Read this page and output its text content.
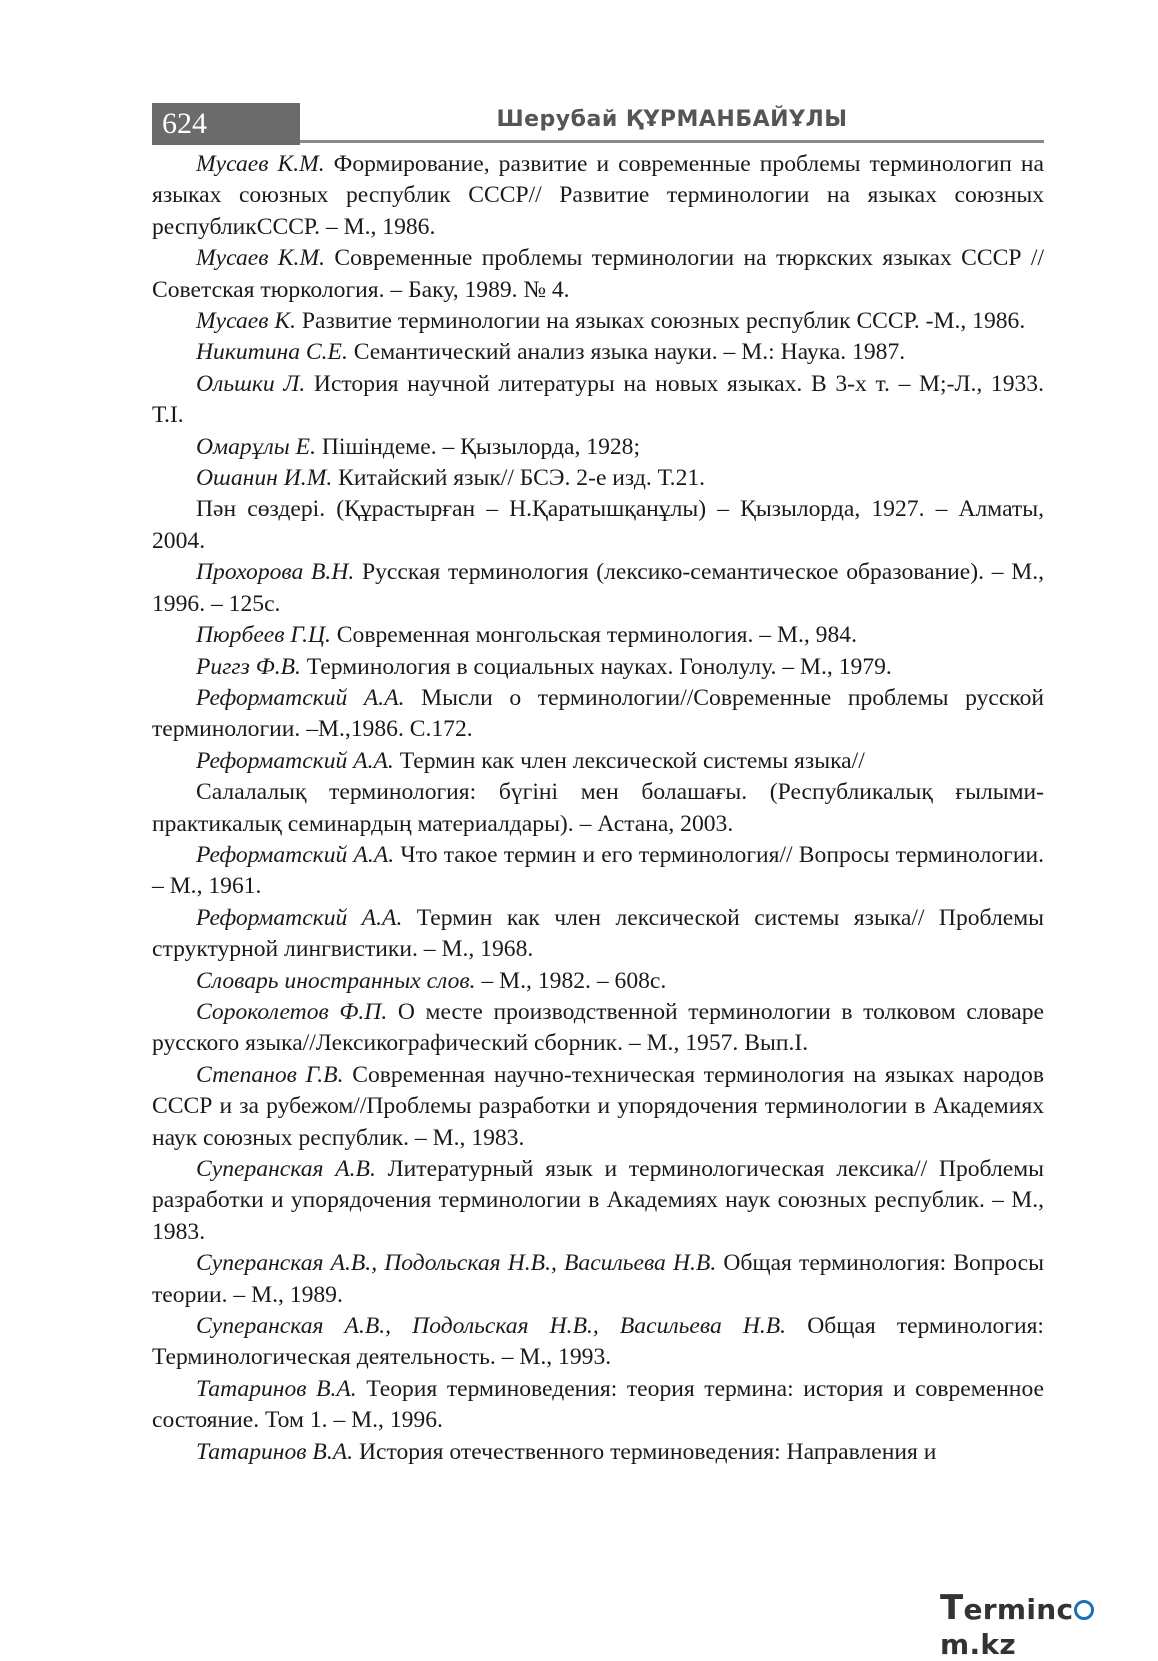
624	Шерубай ҚҰРМАНБАЙҰЛЫ

Мусаев К.М. Формирование, развитие и современные проблемы терминологип на языках союзных республик СССР// Развитие терминологии на языках союзных республикСССР. – М., 1986.

Мусаев К.М. Современные проблемы терминологии на тюркских языках СССР // Советская тюркология. – Баку, 1989. № 4.

Мусаев К. Развитие терминологии на языках союзных республик СССР. -М., 1986.

Никитина С.Е. Семантический анализ языка науки. – М.: Наука. 1987.

Ольшки Л. История научной литературы на новых языках. В 3-х т. – М;-Л., 1933. Т.І.

Омарұлы Е. Пішіндеме. – Қызылорда, 1928;

Ошанин И.М. Китайский язык// БСЭ. 2-е изд. Т.21.

Пән сөздері. (Құрастырған – Н.Қаратышқанұлы) – Қызылорда, 1927. – Алматы, 2004.

Прохорова В.Н. Русская терминология (лексико-семантическое образование). – М., 1996. – 125с.

Пюрбеев Г.Ц. Современная монгольская терминология. – М., 984.

Риггз Ф.В. Терминология в социальных науках. Гонолулу. – М., 1979.

Реформатский А.А. Мысли о терминологии//Современные проблемы русской терминологии. –М.,1986. С.172.

Реформатский А.А. Термин как член лексической системы языка//

Салалалық терминология: бүгіні мен болашағы. (Республикалық ғылыми-практикалық семинардың материалдары). – Астана, 2003.

Реформатский А.А. Что такое термин и его терминология// Вопросы терминологии. – М., 1961.

Реформатский А.А. Термин как член лексической системы языка// Проблемы структурной лингвистики. – М., 1968.

Словарь иностранных слов. – М., 1982. – 608с.

Сороколетов Ф.П. О месте производственной терминологии в толковом словаре русского языка//Лексикографический сборник. – М., 1957. Вып.І.

Степанов Г.В. Современная научно-техническая терминология на языках народов СССР и за рубежом//Проблемы разработки и упорядочения терминологии в Академиях наук союзных республик. – М., 1983.

Суперанская А.В. Литературный язык и терминологическая лексика// Проблемы разработки и упорядочения терминологии в Академиях наук союзных республик. – М., 1983.

Суперанская А.В., Подольская Н.В., Васильева Н.В. Общая терминология: Вопросы теории. – М., 1989.

Суперанская А.В., Подольская Н.В., Васильева Н.В. Общая терминология: Терминологическая деятельность. – М., 1993.

Татаринов В.А. Теория терминоведения: теория термина: история и современное состояние. Том 1. – М., 1996.

Татаринов В.А. История отечественного терминоведения: Направления и

Termincm.kz
